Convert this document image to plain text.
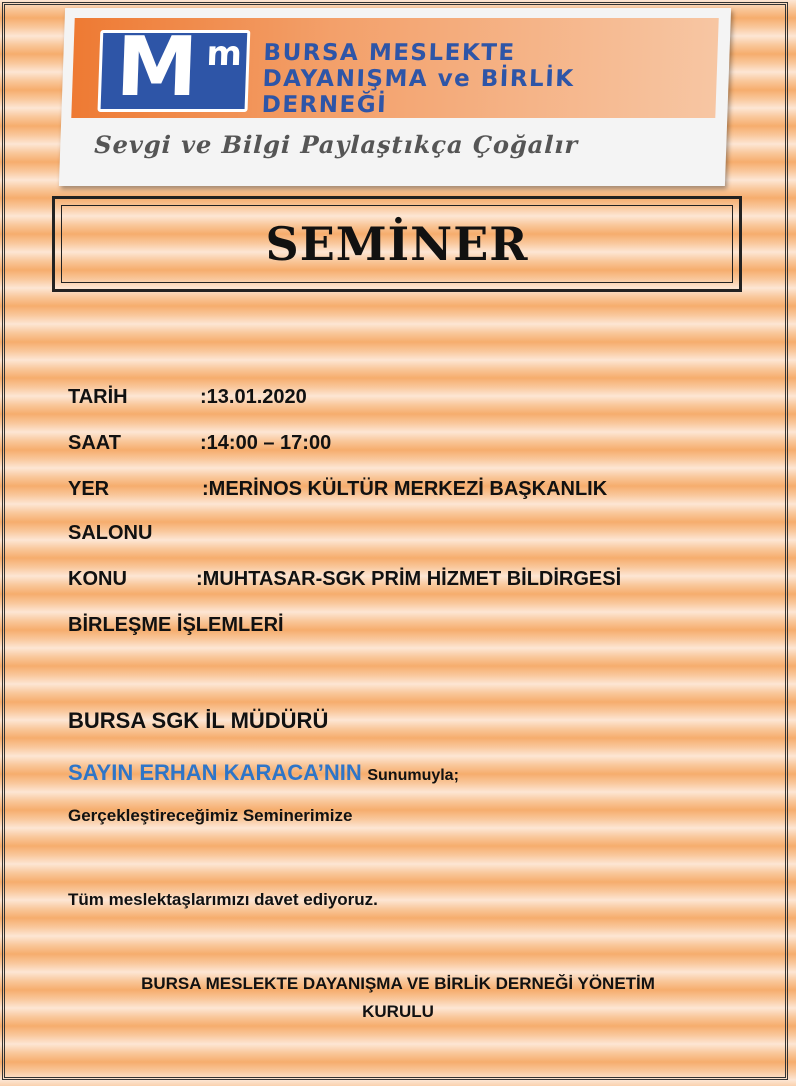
M m BURSA MESLEKTE
DAYANIŞMA ve BİRLİK
DERNEĞİ
Sevgi ve Bilgi Paylaştıkça Çoğalır
SEMİNER
TARİH	:13.01.2020
SAAT	:14:00 – 17:00
YER	:MERİNOS KÜLTÜR MERKEZİ BAŞKANLIK
SALONU
KONU	:MUHTASAR-SGK PRİM HİZMET BİLDİRGESİ
BİRLEŞME İŞLEMLERİ
BURSA SGK İL MÜDÜRÜ
SAYIN ERHAN KARACA’NIN Sunumuyla;
Gerçekleştireceğimiz Seminerimize
Tüm meslektaşlarımızı davet ediyoruz.
BURSA MESLEKTE DAYANIŞMA VE BİRLİK DERNEĞİ YÖNETİM
KURULU
